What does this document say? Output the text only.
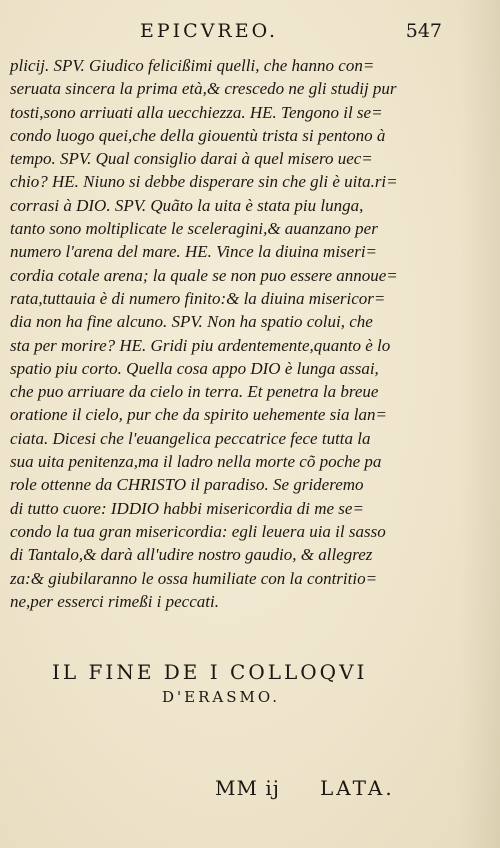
EPICVREO.	547
plicij. SPV. Giudico felicißimi quelli, che hanno con=
seruata sincera la prima età,& crescedo ne gli studij pur
tosti,sono arriuati alla uecchiezza. HE. Tengono il se=
condo luogo quei,che della giouentù trista si pentono à
tempo. SPV. Qual consiglio darai à quel misero uec=
chio? HE. Niuno si debbe disperare sin che gli è uita.ri=
corrasi à DIO. SPV. Quãto la uita è stata piu lunga,
tanto sono moltiplicate le sceleragini,& auanzano per
numero l'arena del mare. HE. Vince la diuina miseri=
cordia cotale arena; la quale se non puo essere annoue=
rata,tuttauia è di numero finito:& la diuina misericor=
dia non ha fine alcuno. SPV. Non ha spatio colui, che
sta per morire? HE. Gridi piu ardentemente,quanto è lo
spatio piu corto. Quella cosa appo DIO è lunga assai,
che puo arriuare da cielo in terra. Et penetra la breue
oratione il cielo, pur che da spirito uehemente sia lan=
ciata. Dicesi che l'euangelica peccatrice fece tutta la
sua uita penitenza,ma il ladro nella morte cõ poche pa
role ottenne da CHRISTO il paradiso. Se grideremo
di tutto cuore: IDDIO habbi misericordia di me se=
condo la tua gran misericordia: egli leuera uia il sasso
di Tantalo,& darà all'udire nostro gaudio, & allegrez
za:& giubilaranno le ossa humiliate con la contritio=
ne,per esserci rimeßi i peccati.
IL FINE DE I COLLOQVI
D'ERASMO.
MM ij LATA.
